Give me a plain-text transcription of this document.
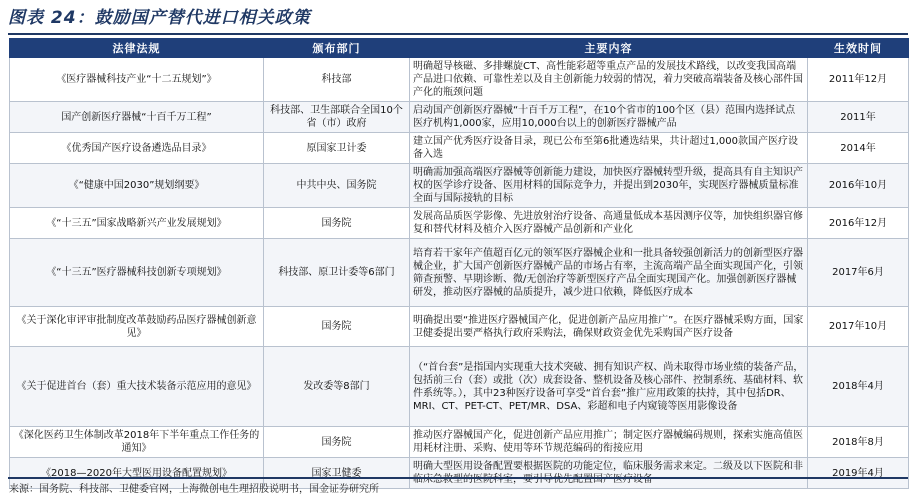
图表 24：鼓励国产替代进口相关政策
法律法规	颁布部门	主要内容	生效时间
《医疗器械科技产业“十二五规划”》	科技部	明确超导核磁、多排螺旋CT、高性能彩超等重点产品的发展技术路线，以改变我国高端产品进口依赖、可靠性差以及自主创新能力较弱的情况，着力突破高端装备及核心部件国产化的瓶颈问题	2011年12月
国产创新医疗器械“十百千万工程”	科技部、卫生部联合全国10个省（市）政府	启动国产创新医疗器械“十百千万工程”，在10个省市的100个区（县）范围内选择试点医疗机构1,000家，应用10,000台以上的创新医疗器械产品	2011年
《优秀国产医疗设备遴选品目录》	原国家卫计委	建立国产优秀医疗设备目录，现已公布至第6批遴选结果，共计超过1,000款国产医疗设备入选	2014年
《“健康中国2030”规划纲要》	中共中央、国务院	明确需加强高端医疗器械等创新能力建设，加快医疗器械转型升级，提高具有自主知识产权的医学诊疗设备、医用材料的国际竞争力，并提出到2030年，实现医疗器械质量标准全面与国际接轨的目标	2016年10月
《“十三五”国家战略新兴产业发展规划》	国务院	发展高品质医学影像、先进放射治疗设备、高通量低成本基因测序仪等，加快组织器官修复和替代材料及植介入医疗器械产品创新和产业化	2016年12月
《“十三五”医疗器械科技创新专项规划》	科技部、原卫计委等6部门	培育若干家年产值超百亿元的领军医疗器械企业和一批具备较强创新活力的创新型医疗器械企业，扩大国产创新医疗器械产品的市场占有率，主流高端产品全面实现国产化，引领筛查预警、早期诊断、微/无创治疗等新型医疗产品全面实现国产化。加强创新医疗器械研发，推动医疗器械的品质提升，减少进口依赖，降低医疗成本	2017年6月
《关于深化审评审批制度改革鼓励药品医疗器械创新意见》	国务院	明确提出要“推进医疗器械国产化，促进创新产品应用推广”。在医疗器械采购方面，国家卫健委提出要严格执行政府采购法，确保财政资金优先采购国产医疗设备	2017年10月
《关于促进首台（套）重大技术装备示范应用的意见》	发改委等8部门	（“首台套”是指国内实现重大技术突破、拥有知识产权、尚未取得市场业绩的装备产品，包括前三台（套）或批（次）成套设备、整机设备及核心部件、控制系统、基础材料、软件系统等。），其中23种医疗设备可享受“首台套”推广应用政策的扶持，其中包括DR、MRI、CT、PET-CT、PET/MR、DSA、彩超和电子内窥镜等医用影像设备	2018年4月
《深化医药卫生体制改革2018年下半年重点工作任务的通知》	国务院	推动医疗器械国产化，促进创新产品应用推广；制定医疗器械编码规则，探索实施高值医用耗材注册、采购、使用等环节规范编码的衔接应用	2018年8月
《2018—2020年大型医用设备配置规划》	国家卫健委	明确大型医用设备配置要根据医院的功能定位，临床服务需求来定。二级及以下医院和非临床急救型的医院科室，要引导优先配置国产医疗设备	2019年4月
来源：国务院、科技部、卫健委官网，上海微创电生理招股说明书，国金证券研究所
